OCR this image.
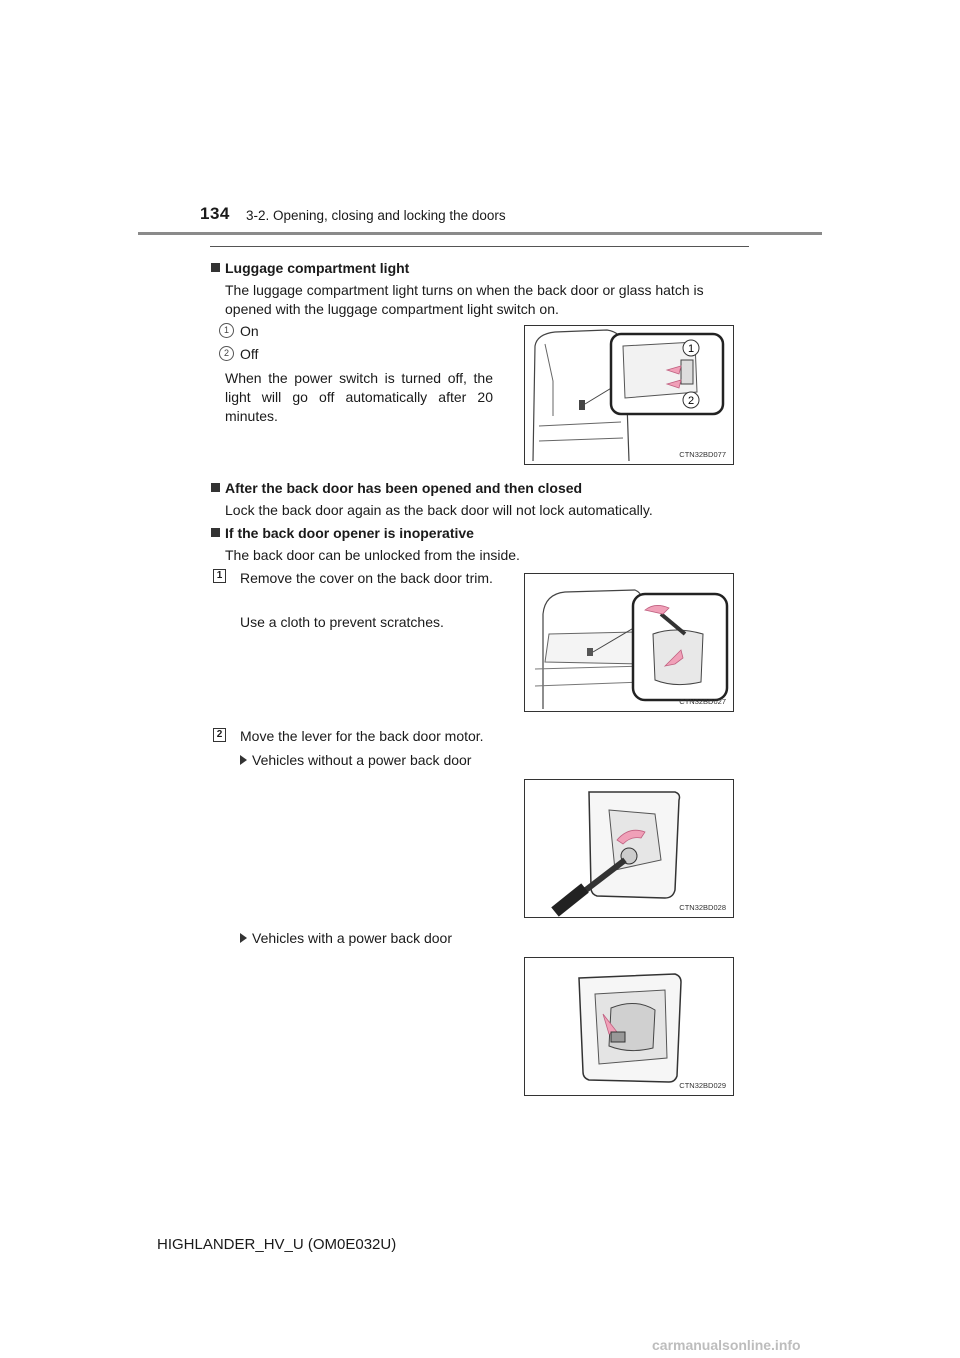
134 3-2. Opening, closing and locking the doors
Luggage compartment light
The luggage compartment light turns on when the back door or glass hatch is opened with the luggage compartment light switch on.
1 On
2 Off
When the power switch is turned off, the light will go off automatically after 20 minutes.
1
2
CTN32BD077
After the back door has been opened and then closed
Lock the back door again as the back door will not lock automatically.
If the back door opener is inoperative
The back door can be unlocked from the inside.
1 Remove the cover on the back door trim.
Use a cloth to prevent scratches.
CTN32BD027
2 Move the lever for the back door motor.
Vehicles without a power back door
CTN32BD028
Vehicles with a power back door
CTN32BD029
HIGHLANDER_HV_U (OM0E032U)
carmanualsonline.info
